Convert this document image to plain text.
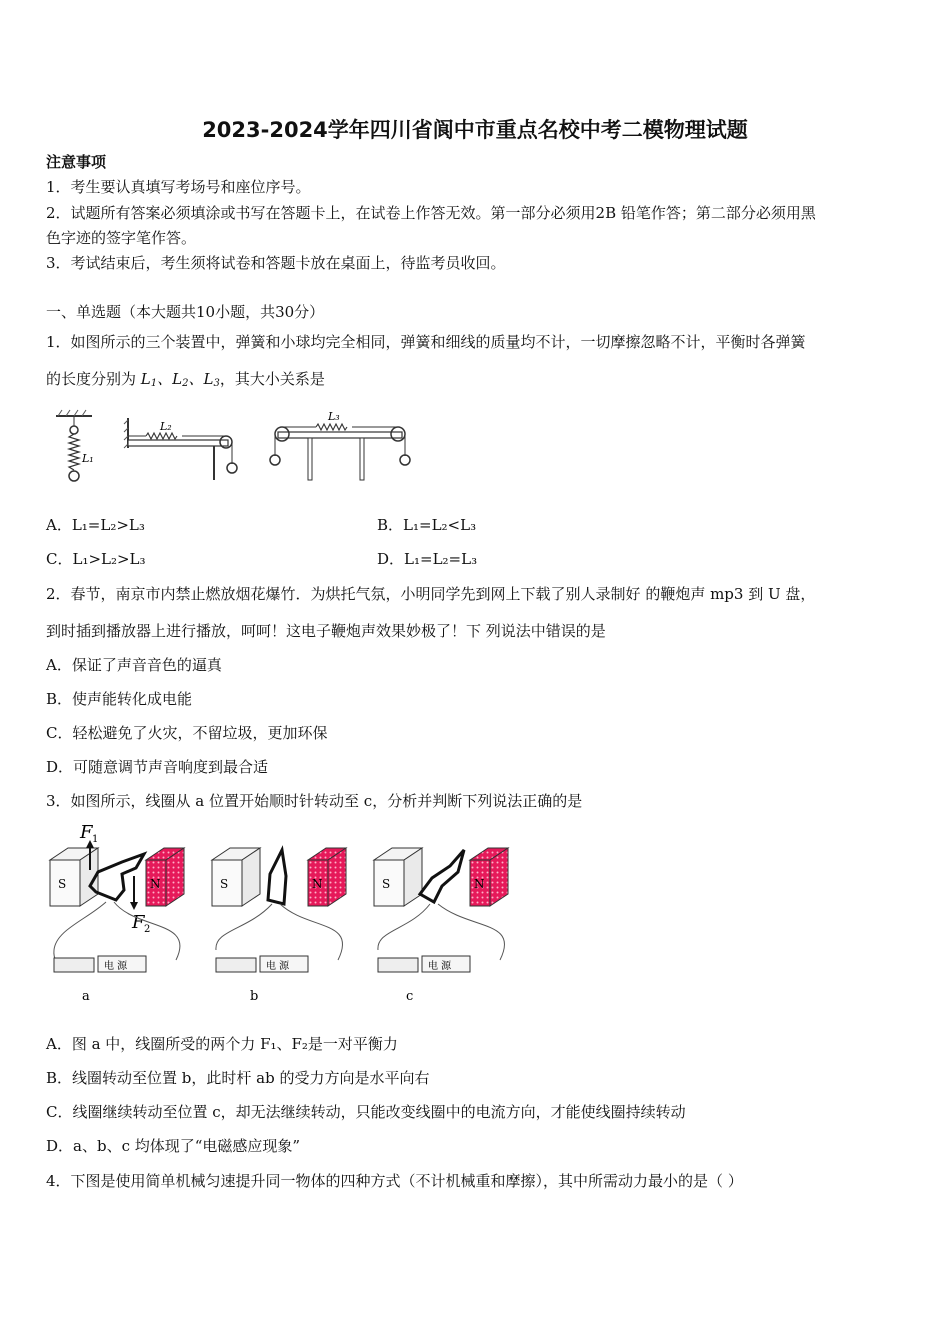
2023-2024学年四川省阆中市重点名校中考二模物理试题
注意事项
1．考生要认真填写考场号和座位序号。
2．试题所有答案必须填涂或书写在答题卡上，在试卷上作答无效。第一部分必须用2B 铅笔作答；第二部分必须用黑
色字迹的签字笔作答。
3．考试结束后，考生须将试卷和答题卡放在桌面上，待监考员收回。
一、单选题（本大题共10小题，共30分）
1．如图所示的三个装置中，弹簧和小球均完全相同，弹簧和细线的质量均不计，一切摩擦忽略不计，平衡时各弹簧
的长度分别为 $L_1$、$L_2$、$L_3$，其大小关系是
L₁
L₂
L₃
A．L₁=L₂>L₃	B．L₁=L₂<L₃
C．L₁>L₂>L₃	D．L₁=L₂=L₃
2．春节，南京市内禁止燃放烟花爆竹．为烘托气氛，小明同学先到网上下载了别人录制好 的鞭炮声 mp3 到 U 盘，
到时插到播放器上进行播放，呵呵！这电子鞭炮声效果妙极了！下 列说法中错误的是
A．保证了声音音色的逼真
B．使声能转化成电能
C．轻松避免了火灾，不留垃圾，更加环保
D．可随意调节声音响度到最合适
3．如图所示，线圈从 a 位置开始顺时针转动至 c，分析并判断下列说法正确的是
S	N
F 1
F 2
电 源
a
S	N
电 源
b
S	N
电 源
c
A．图 a 中，线圈所受的两个力 F₁、F₂是一对平衡力
B．线圈转动至位置 b，此时杆 ab 的受力方向是水平向右
C．线圈继续转动至位置 c，却无法继续转动，只能改变线圈中的电流方向，才能使线圈持续转动
D．a、b、c 均体现了“电磁感应现象”
4．下图是使用简单机械匀速提升同一物体的四种方式（不计机械重和摩擦），其中所需动力最小的是（ ）
